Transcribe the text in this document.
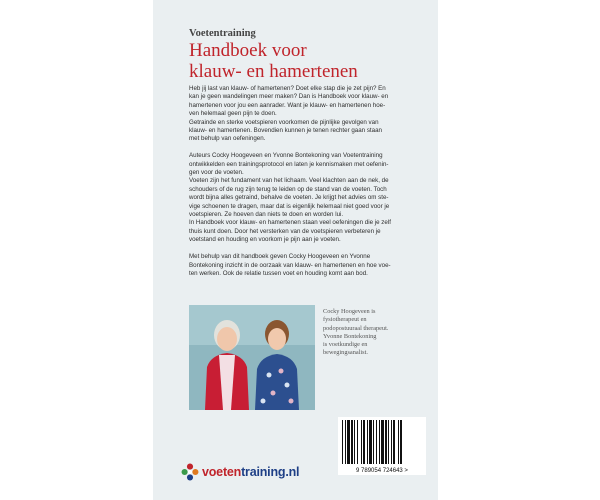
Voetentraining

Handboek voor
klauw- en hamertenen

Heb jij last van klauw- of hamertenen? Doet elke stap die je zet pijn? En
kan je geen wandelingen meer maken? Dan is Handboek voor klauw- en
hamertenen voor jou een aanrader. Want je klauw- en hamertenen hoe-
ven helemaal geen pijn te doen.
Getrainde en sterke voetspieren voorkomen de pijnlijke gevolgen van
klauw- en hamertenen. Bovendien kunnen je tenen rechter gaan staan
met behulp van oefeningen.

Auteurs Cocky Hoogeveen en Yvonne Bontekoning van Voetentraining
ontwikkelden een trainingsprotocol en laten je kennismaken met oefenin-
gen voor de voeten.
Voeten zijn het fundament van het lichaam. Veel klachten aan de nek, de
schouders of de rug zijn terug te leiden op de stand van de voeten. Toch
wordt bijna alles getraind, behalve de voeten. Je krijgt het advies om ste-
vige schoenen te dragen, maar dat is eigenlijk helemaal niet goed voor je
voetspieren. Ze hoeven dan niets te doen en worden lui.
In Handboek voor klauw- en hamertenen staan veel oefeningen die je zelf
thuis kunt doen. Door het versterken van de voetspieren verbeteren je
voetstand en houding en voorkom je pijn aan je voeten.

Met behulp van dit handboek geven Cocky Hoogeveen en Yvonne
Bontekoning inzicht in de oorzaak van klauw- en hamertenen en hoe voe-
ten werken. Ook de relatie tussen voet en houding komt aan bod.

Cocky Hoogeveen is
fysiotherapeut en
podopostuuraal therapeut.
Yvonne Bontekoning
is voetkundige en
bewegingsanalist.
9 789054 724643 >
voetentraining.nl
